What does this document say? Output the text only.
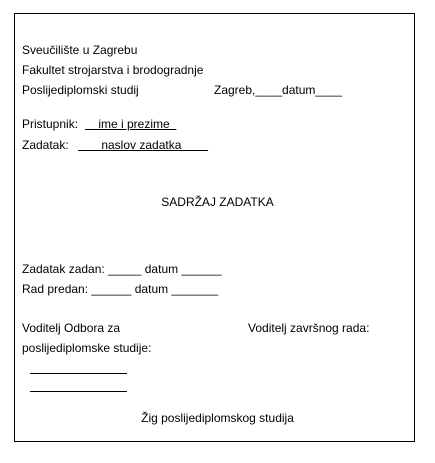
Sveučilište u Zagrebu
Fakultet strojarstva i brodogradnje
Poslijediplomski studij	Zagreb,____datum____
Pristupnik: ime i prezime
Zadatak: naslov zadatka
SADRŽAJ ZADATKA
Zadatak zadan: _____ datum ______
Rad predan: ______ datum _______
Voditelj Odbora za
poslijediplomske studije:
Voditelj završnog rada:
Žig poslijediplomskog studija
